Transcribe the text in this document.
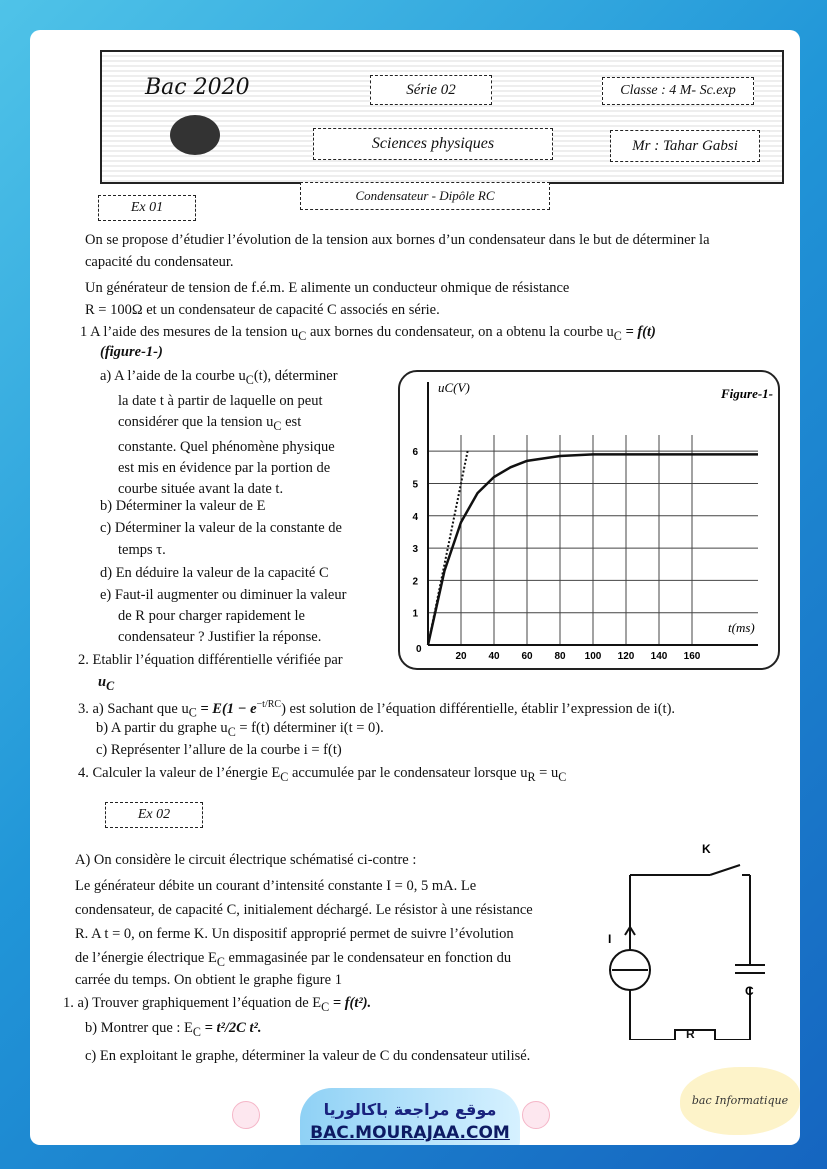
Bac 2020	Série 02	Classe : 4 M- Sc.exp
Sciences physiques	Mr : Tahar Gabsi
Condensateur - Dipôle RC
Ex 01
On se propose d’étudier l’évolution de la tension aux bornes d’un condensateur dans le but de déterminer la
capacité du condensateur.
Un générateur de tension de f.é.m. E alimente un conducteur ohmique de résistance
R = 100Ω et un condensateur de capacité C associés en série.
1 A l’aide des mesures de la tension $u_C$ aux bornes du condensateur, on a obtenu la courbe $u_C = f(t)$
(figure-1-)
a) A l’aide de la courbe $u_C(t)$, déterminer
la date t à partir de laquelle on peut
considérer que la tension $u_C$ est
constante. Quel phénomène physique
est mis en évidence par la portion de
courbe située avant la date t.
b) Déterminer la valeur de E
c) Déterminer la valeur de la constante de
temps τ.
d) En déduire la valeur de la capacité C
e) Faut-il augmenter ou diminuer la valeur
de R pour charger rapidement le
condensateur ? Justifier la réponse.
2. Etablir l’équation différentielle vérifiée par
$u_C$
3. a) Sachant que $u_C = E(1 - e^{-t/RC})$ est solution de l’équation différentielle, établir l’expression de i(t).
b) A partir du graphe $u_C = f(t)$ déterminer i(t = 0).
c) Représenter l’allure de la courbe i = f(t)
4. Calculer la valeur de l’énergie $E_C$ accumulée par le condensateur lorsque $u_R = u_C$
Figure-1-
uC(V)
t(ms)
0
20 40 60 80 100 120 140 160
1
2
3
4
5
6
Ex 02
A) On considère le circuit électrique schématisé ci-contre :
Le générateur débite un courant d’intensité constante I = 0, 5 mA. Le
condensateur, de capacité C, initialement déchargé. Le résistor à une résistance
R. A t = 0, on ferme K. Un dispositif approprié permet de suivre l’évolution
de l’énergie électrique $E_C$ emmagasinée par le condensateur en fonction du
carrée du temps. On obtient le graphe figure 1
1. a) Trouver graphiquement l’équation de $E_C = f(t^2)$.
b) Montrer que : $E_C = t^2/2C$ t².
c) En exploitant le graphe, déterminer la valeur de C du condensateur utilisé.
K
I
C
R
موقع مراجعة باكالوريا
BAC.MOURAJAA.COM
bac Informatique
